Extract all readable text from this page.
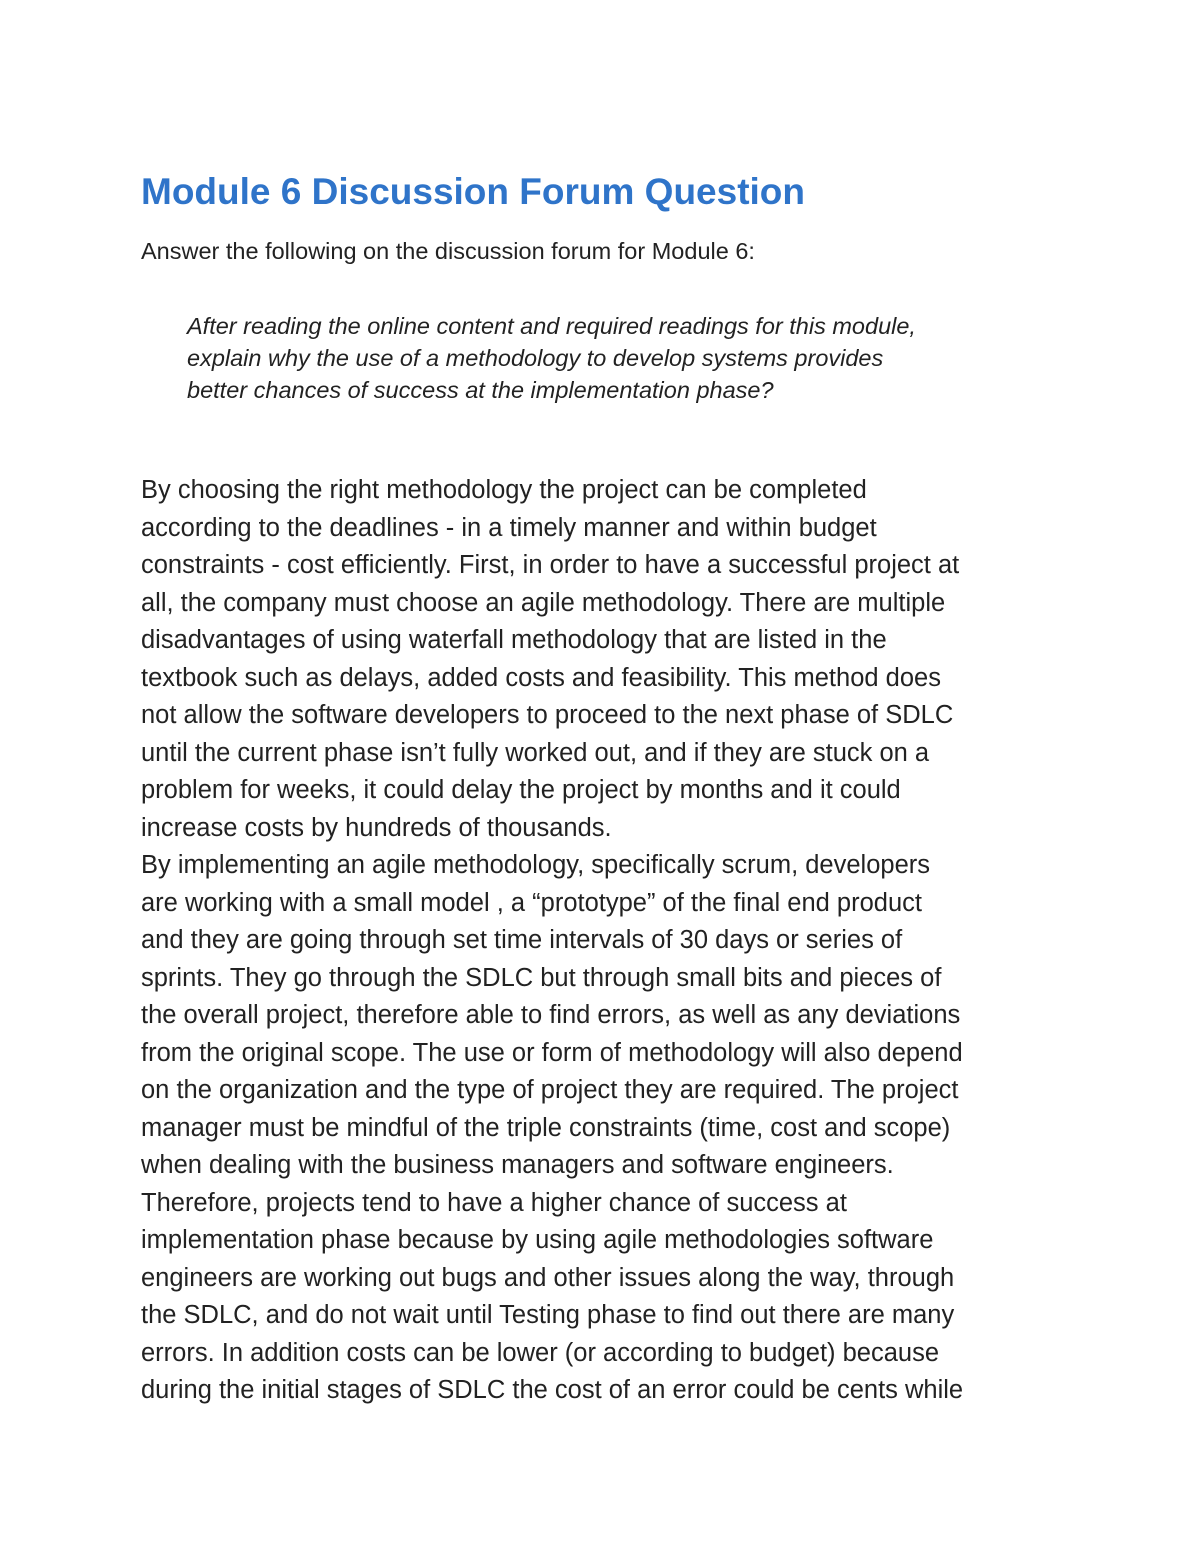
Module 6 Discussion Forum Question

Answer the following on the discussion forum for Module 6:

After reading the online content and required readings for this module,
explain why the use of a methodology to develop systems provides
better chances of success at the implementation phase?

By choosing the right methodology the project can be completed
according to the deadlines - in a timely manner and within budget
constraints - cost efficiently. First, in order to have a successful project at
all, the company must choose an agile methodology. There are multiple
disadvantages of using waterfall methodology that are listed in the
textbook such as delays, added costs and feasibility. This method does
not allow the software developers to proceed to the next phase of SDLC
until the current phase isn’t fully worked out, and if they are stuck on a
problem for weeks, it could delay the project by months and it could
increase costs by hundreds of thousands.
By implementing an agile methodology, specifically scrum, developers
are working with a small model , a “prototype” of the final end product
and they are going through set time intervals of 30 days or series of
sprints. They go through the SDLC but through small bits and pieces of
the overall project, therefore able to find errors, as well as any deviations
from the original scope. The use or form of methodology will also depend
on the organization and the type of project they are required. The project
manager must be mindful of the triple constraints (time, cost and scope)
when dealing with the business managers and software engineers.
Therefore, projects tend to have a higher chance of success at
implementation phase because by using agile methodologies software
engineers are working out bugs and other issues along the way, through
the SDLC, and do not wait until Testing phase to find out there are many
errors. In addition costs can be lower (or according to budget) because
during the initial stages of SDLC the cost of an error could be cents while
